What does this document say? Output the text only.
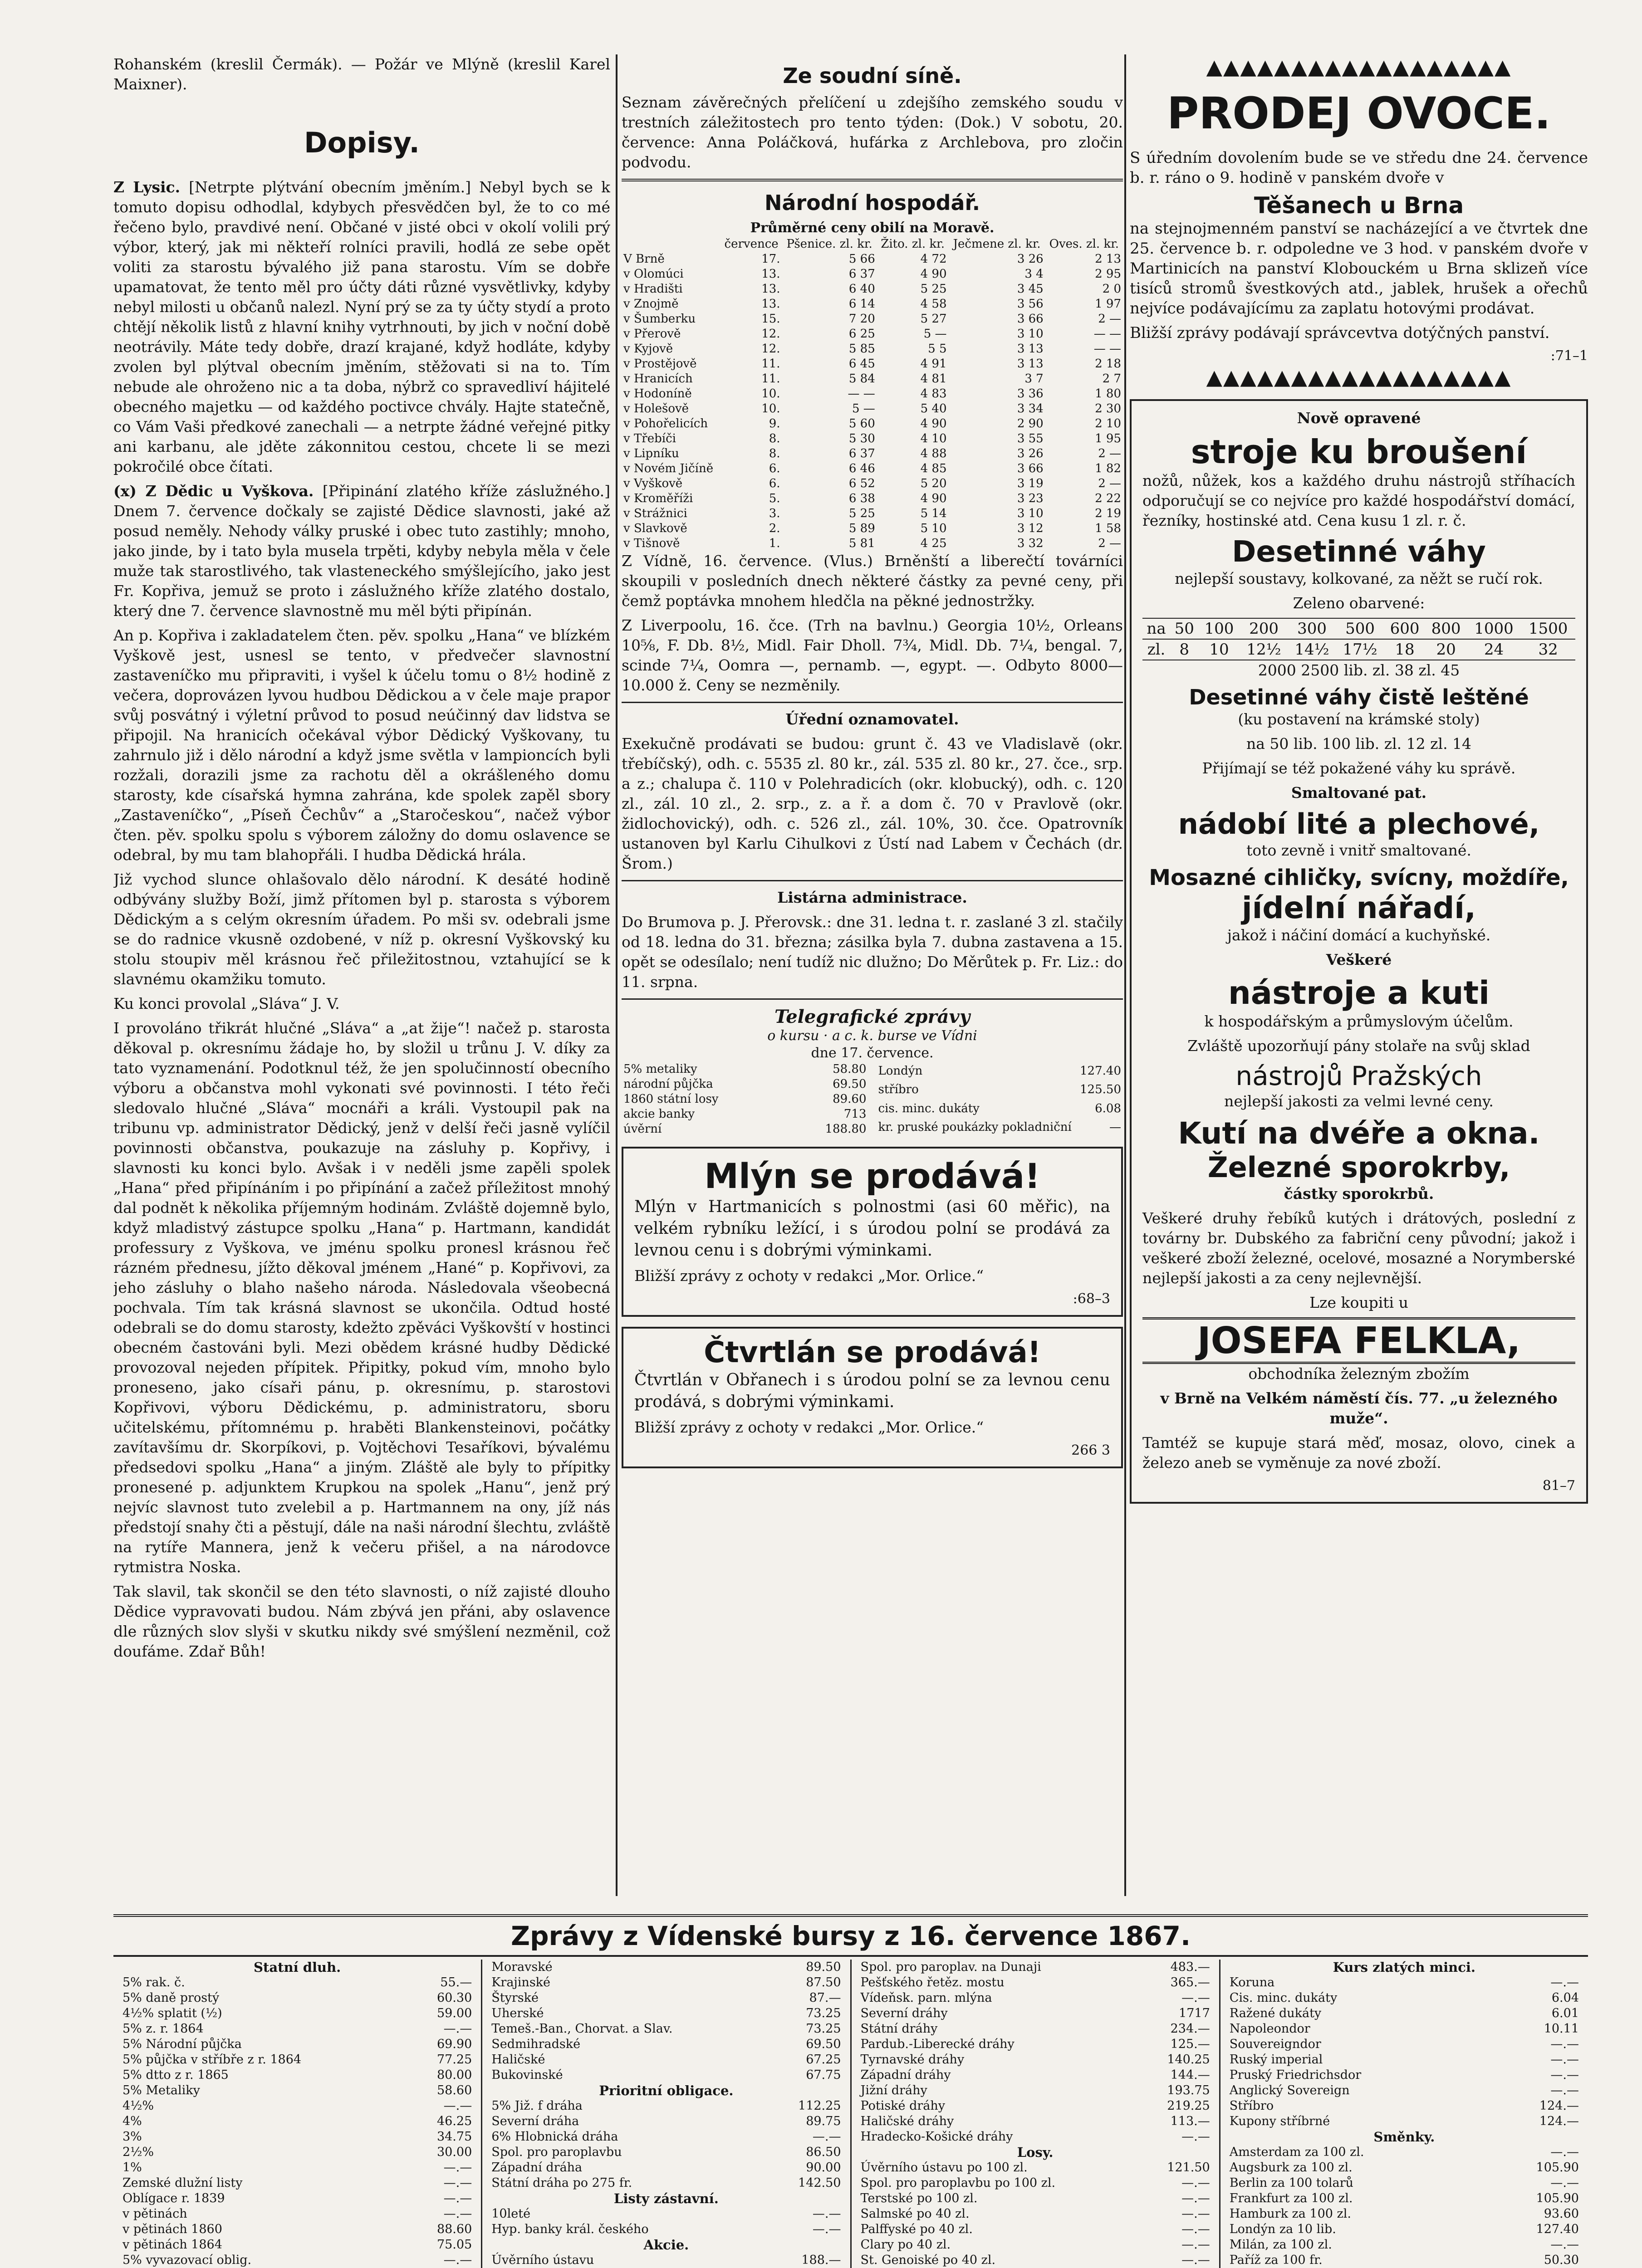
Rohanském (kreslil Čermák). — Požár ve Mlýně (kreslil Karel Maixner).

Dopisy.

Z Lysic. [Netrpte plýtvání obecním jměním.] Nebyl bych se k tomuto dopisu odhodlal, kdybych přesvědčen byl, že to co mé řečeno bylo, pravdivé není. Občané v jisté obci v okolí volili prý výbor, který, jak mi někteří rolníci pravili, hodlá ze sebe opět voliti za starostu bývalého již pana starostu. Vím se dobře upamatovat, že tento měl pro účty dáti různé vysvětlivky, kdyby nebyl milosti u občanů nalezl. Nyní prý se za ty účty stydí a proto chtějí několik listů z hlavní knihy vytrhnouti, by jich v noční době neotrávily. Máte tedy dobře, drazí krajané, když hodláte, kdyby zvolen byl plýtval obecním jměním, stěžovati si na to. Tím nebude ale ohroženo nic a ta doba, nýbrž co spravedliví hájitelé obecného majetku — od každého poctivce chvály. Hajte statečně, co Vám Vaši předkové zanechali — a netrpte žádné veřejné pitky ani karbanu, ale jděte zákonnitou cestou, chcete li se mezi pokročilé obce čítati.

(x) Z Dědic u Vyškova. [Připinání zlatého kříže záslužného.] Dnem 7. července dočkaly se zajisté Dědice slavnosti, jaké až posud neměly. Nehody války pruské i obec tuto zastihly; mnoho, jako jinde, by i tato byla musela trpěti, kdyby nebyla měla v čele muže tak starostlivého, tak vlasteneckého smýšlejícího, jako jest Fr. Kopřiva, jemuž se proto i záslužného kříže zlatého dostalo, který dne 7. července slavnostně mu měl býti připínán.

An p. Kopřiva i zakladatelem čten. pěv. spolku „Hana“ ve blízkém Vyškově jest, usnesl se tento, v předvečer slavnostní zastaveníčko mu připraviti, i vyšel k účelu tomu o 8½ hodině z večera, doprovázen lyvou hudbou Dědickou a v čele maje prapor svůj posvátný i výletní průvod to posud neúčinný dav lidstva se připojil. Na hranicích očekával výbor Dědický Vyškovany, tu zahrnulo již i dělo národní a když jsme světla v lampioncích byli rozžali, dorazili jsme za rachotu děl a okrášleného domu starosty, kde císařská hymna zahrána, kde spolek zapěl sbory „Zastaveníčko“, „Píseň Čechův“ a „Staročeskou“, načež výbor čten. pěv. spolku spolu s výborem záložny do domu oslavence se odebral, by mu tam blahopřáli. I hudba Dědická hrála.

Již vychod slunce ohlašovalo dělo národní. K desáté hodině odbývány služby Boží, jimž přítomen byl p. starosta s výborem Dědickým a s celým okresním úřadem. Po mši sv. odebrali jsme se do radnice vkusně ozdobené, v níž p. okresní Vyškovský ku stolu stoupiv měl krásnou řeč přiležitostnou, vztahující se k slavnému okamžiku tomuto.

Ku konci provolal „Sláva“ J. V.

I provoláno třikrát hlučné „Sláva“ a „at žije“! načež p. starosta děkoval p. okresnímu žádaje ho, by složil u trůnu J. V. díky za tato vyznamenání. Podotknul též, že jen spolučinností obecního výboru a občanstva mohl vykonati své povinnosti. I této řeči sledovalo hlučné „Sláva“ mocnáři a králi. Vystoupil pak na tribunu vp. administrator Dědický, jenž v delší řeči jasně vylíčil povinnosti občanstva, poukazuje na zásluhy p. Kopřivy, i slavnosti ku konci bylo. Avšak i v neděli jsme zapěli spolek „Hana“ před připínáním i po připínání a začež příležitost mnohý dal podnět k několika příjemným hodinám. Zvláště dojemně bylo, když mladistvý zástupce spolku „Hana“ p. Hartmann, kandidát professury z Vyškova, ve jménu spolku pronesl krásnou řeč rázném přednesu, jížto děkoval jménem „Hané“ p. Kopřivovi, za jeho zásluhy o blaho našeho národa. Následovala všeobecná pochvala. Tím tak krásná slavnost se ukončila. Odtud hosté odebrali se do domu starosty, kdežto zpěváci Vyškovští v hostinci obecném častováni byli. Mezi obědem krásné hudby Dědické provozoval nejeden přípitek. Připitky, pokud vím, mnoho bylo proneseno, jako císaři pánu, p. okresnímu, p. starostovi Kopřivovi, výboru Dědickému, p. administratoru, sboru učitelskému, přítomnému p. hraběti Blankensteinovi, počátky zavítavšímu dr. Skorpíkovi, p. Vojtěchovi Tesaříkovi, bývalému předsedovi spolku „Hana“ a jiným. Zláště ale byly to přípitky pronesené p. adjunktem Krupkou na spolek „Hanu“, jenž prý nejvíc slavnost tuto zvelebil a p. Hartmannem na ony, jíž nás předstojí snahy čti a pěstují, dále na naši národní šlechtu, zvláště na rytíře Mannera, jenž k večeru přišel, a na národovce rytmistra Noska.

Tak slavil, tak skončil se den této slavnosti, o níž zajisté dlouho Dědice vypravovati budou. Nám zbývá jen přáni, aby oslavence dle různých slov slyši v skutku nikdy své smýšlení nezměnil, což doufáme. Zdař Bůh!

Ze soudní síně.

Seznam závěrečných přelíčení u zdejšího zemského soudu v trestních záležitostech pro tento týden: (Dok.) V sobotu, 20. července: Anna Poláčková, hufárka z Archlebova, pro zločin podvodu.

Národní hospodář.
Průměrné ceny obilí na Moravě.
	července	Pšenice. zl. kr.	Žito. zl. kr.	Ječmene zl. kr.	Oves. zl. kr.
V Brně	17.	5 66	4 72	3 26	2 13
v Olomúci	13.	6 37	4 90	3 4	2 95
v Hradišti	13.	6 40	5 25	3 45	2 0
v Znojmě	13.	6 14	4 58	3 56	1 97
v Šumberku	15.	7 20	5 27	3 66	2 —
v Přerově	12.	6 25	5 —	3 10	— —
v Kyjově	12.	5 85	5 5	3 13	— —
v Prostějově	11.	6 45	4 91	3 13	2 18
v Hranicích	11.	5 84	4 81	3 7	2 7
v Hodoníně	10.	— —	4 83	3 36	1 80
v Holešově	10.	5 —	5 40	3 34	2 30
v Pohořelicích	9.	5 60	4 90	2 90	2 10
v Třebíči	8.	5 30	4 10	3 55	1 95
v Lipníku	8.	6 37	4 88	3 26	2 —
v Novém Jičíně	6.	6 46	4 85	3 66	1 82
v Vyškově	6.	6 52	5 20	3 19	2 —
v Kroměříži	5.	6 38	4 90	3 23	2 22
v Strážnici	3.	5 25	5 14	3 10	2 19
v Slavkově	2.	5 89	5 10	3 12	1 58
v Tišnově	1.	5 81	4 25	3 32	2 —

Z Vídně, 16. července. (Vlus.) Brněnští a liberečtí továrníci skoupili v posledních dnech některé částky za pevné ceny, při čemž poptávka mnohem hledčla na pěkné jednostržky.

Z Liverpoolu, 16. čce. (Trh na bavlnu.) Georgia 10½, Orleans 10⅝, F. Db. 8½, Midl. Fair Dholl. 7¾, Midl. Db. 7¼, bengal. 7, scinde 7¼, Oomra —, pernamb. —, egypt. —. Odbyto 8000—10.000 ž. Ceny se nezměnily.

Úřední oznamovatel.

Exekučně prodávati se budou: grunt č. 43 ve Vladislavě (okr. třebíčský), odh. c. 5535 zl. 80 kr., zál. 535 zl. 80 kr., 27. čce., srp. a z.; chalupa č. 110 v Polehradicích (okr. klobucký), odh. c. 120 zl., zál. 10 zl., 2. srp., z. a ř. a dom č. 70 v Pravlově (okr. židlochovický), odh. c. 526 zl., zál. 10%, 30. čce. Opatrovník ustanoven byl Karlu Cihulkovi z Ústí nad Labem v Čechách (dr. Šrom.)

Listárna administrace.

Do Brumova p. J. Přerovsk.: dne 31. ledna t. r. zaslané 3 zl. stačily od 18. ledna do 31. března; zásilka byla 7. dubna zastavena a 15. opět se odesílalo; není tudíž nic dlužno; Do Měrůtek p. Fr. Liz.: do 11. srpna.

Telegrafické zprávy
o kursu · a c. k. burse ve Vídni
dne 17. července.
5% metaliky	58.80
národní půjčka	69.50
1860 státní losy	89.60
akcie banky	713
úvěrní	188.80
Londýn	127.40
stříbro	125.50
cis. minc. dukáty	6.08
kr. pruské poukázky pokladniční	—
Mlýn se prodává!

Mlýn v Hartmanicích s polnostmi (asi 60 měřic), na velkém rybníku ležící, i s úrodou polní se prodává za levnou cenu i s dobrými výminkami.

Bližší zprávy z ochoty v redakci „Mor. Orlice.“

:68–3
Čtvrtlán se prodává!

Čtvrtlán v Obřanech i s úrodou polní se za levnou cenu prodává, s dobrými výminkami.

Bližší zprávy z ochoty v redakci „Mor. Orlice.“

266 3
▲▲▲▲▲▲▲▲▲▲▲▲▲▲▲▲▲▲
PRODEJ OVOCE.

S úředním dovolením bude se ve středu dne 24. července b. r. ráno o 9. hodině v panském dvoře v

Těšanech u Brna

na stejnojmenném panství se nacházející a ve čtvrtek dne 25. července b. r. odpoledne ve 3 hod. v panském dvoře v Martinicích na panství Klobouckém u Brna sklizeň více tisíců stromů švestkových atd., jablek, hrušek a ořechů nejvíce podávajícímu za zaplatu hotovými prodávat.

Bližší zprávy podávají správcevtva dotýčných panství.

:71–1
▲▲▲▲▲▲▲▲▲▲▲▲▲▲▲▲▲▲
Nově opravené
stroje ku broušení

nožů, nůžek, kos a každého druhu nástrojů stříhacích odporučují se co nejvíce pro každé hospodářství domácí, řezníky, hostinské atd. Cena kusu 1 zl. r. č.

Desetinné váhy
nejlepší soustavy, kolkované, za něžt se ručí rok.
Zeleno obarvené:
na	50	100	200	300	500	600	800	1000	1500
zl.	8	10	12½	14½	17½	18	20	24	32
2000 2500 lib. zl. 38 zl. 45
Desetinné váhy čistě leštěné
(ku postavení na krámské stoly)
na 50 lib. 100 lib. zl. 12 zl. 14
Přijímají se též pokažené váhy ku správě.
Smaltované pat.
nádobí lité a plechové,
toto zevně i vnitř smaltované.
Mosazné cihličky, svícny, moždíře,
jídelní nářadí,
jakož i náčiní domácí a kuchyňské.
Veškeré
nástroje a kuti
k hospodářským a průmyslovým účelům.
Zvláště upozorňují pány stolaře na svůj sklad
nástrojů Pražských
nejlepší jakosti za velmi levné ceny.
Kutí na dvéře a okna.
Železné sporokrby,
částky sporokrbů.

Veškeré druhy řebíků kutých i drátových, poslední z továrny br. Dubského za fabriční ceny původní; jakož i veškeré zboží železné, ocelové, mosazné a Norymberské nejlepší jakosti a za ceny nejlevnější.

Lze koupiti u
JOSEFA FELKLA,
obchodníka železným zbožím
v Brně na Velkém náměstí čís. 77. „u železného muže“.

Tamtéž se kupuje stará měď, mosaz, olovo, cinek a železo aneb se vyměnuje za nové zboží.

81–7
Zprávy z Vídenské bursy z 16. července 1867.
Statní dluh.
5% rak. č.	55.—
5% daně prostý	60.30
4½% splatit (½)	59.00
5% z. r. 1864	—.—
5% Národní půjčka	69.90
5% půjčka v stříbře z r. 1864	77.25
5% dtto z r. 1865	80.00
5% Metaliky	58.60
4½%	—.—
4%	46.25
3%	34.75
2½%	30.00
1%	—.—
Zemské dlužní listy	—.—
Oblígace r. 1839	—.—
v pětinách	—.—
v pětinách 1860	88.60
v pětinách 1864	75.05
5% vyvazovací oblig.	—.—

Moravské	89.50
Krajinské	87.50
Štyrské	87.—
Uherské	73.25
Temeš.-Ban., Chorvat. a Slav.	73.25
Sedmihradské	69.50
Haličské	67.25
Bukovinské	67.75
Prioritní obligace.
5% Již. f dráha	112.25
Severní dráha	89.75
6% Hlobnická dráha	—.—
Spol. pro paroplavbu	86.50
Západní dráha	90.00
Státní dráha po 275 fr.	142.50
Listy zástavní.
10leté	—.—
Hyp. banky král. českého	—.—
Akcie.
Úvěrního ústavu	188.—

Spol. pro paroplav. na Dunaji	483.—
Pešťského řetěz. mostu	365.—
Vídeňsk. parn. mlýna	—.—
Severní dráhy	1717
Státní dráhy	234.—
Pardub.-Liberecké dráhy	125.—
Tyrnavské dráhy	140.25
Západní dráhy	144.—
Jižní dráhy	193.75
Potiské dráhy	219.25
Haličské dráhy	113.—
Hradecko-Košické dráhy	—.—
Losy.
Úvěrního ústavu po 100 zl.	121.50
Spol. pro paroplavbu po 100 zl.	—.—
Terstské po 100 zl.	—.—
Salmské po 40 zl.	—.—
Palffyské po 40 zl.	—.—
Clary po 40 zl.	—.—
St. Genoiské po 40 zl.	—.—

Kurs zlatých minci.
Koruna	—.—
Cis. minc. dukáty	6.04
Ražené dukáty	6.01
Napoleondor	10.11
Souvereigndor	—.—
Ruský imperial	—.—
Pruský Friedrichsdor	—.—
Anglický Sovereign	—.—
Stříbro	124.—
Kupony stříbrné	124.—
Směnky.
Amsterdam za 100 zl.	—.—
Augsburk za 100 zl.	105.90
Berlin za 100 tolarů	—.—
Frankfurt za 100 zl.	105.90
Hamburk za 100 zl.	93.60
Londýn za 10 lib.	127.40
Milán, za 100 zl.	—.—
Paříž za 100 fr.	50.30
